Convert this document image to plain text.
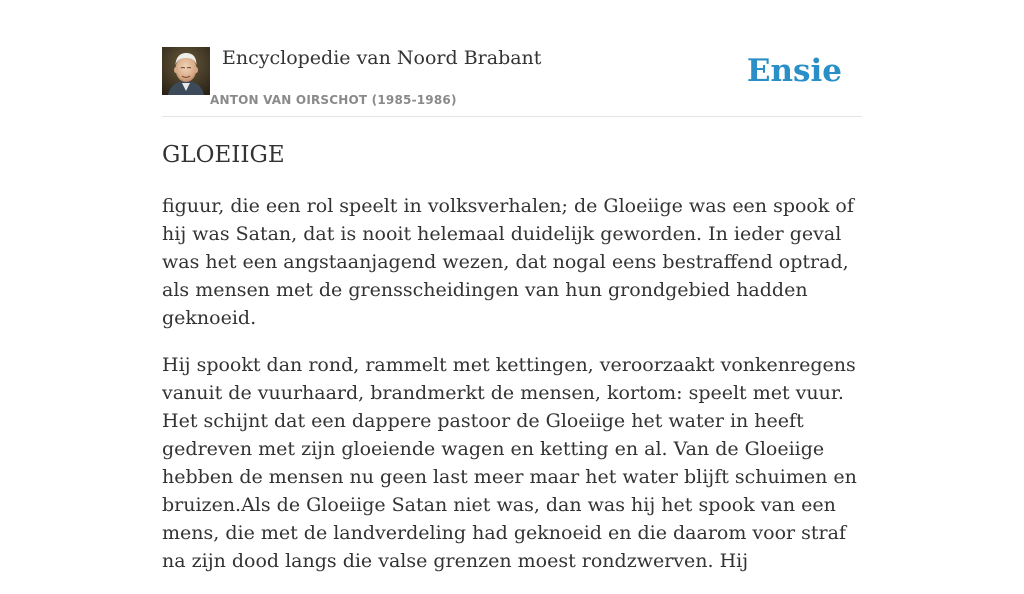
Encyclopedie van Noord Brabant
ANTON VAN OIRSCHOT (1985-1986)
Ensie
GLOEIIGE

figuur, die een rol speelt in volksverhalen; de Gloeiige was een spook of hij was Satan, dat is nooit helemaal duidelijk geworden. In ieder geval was het een angstaanjagend wezen, dat nogal eens bestraffend optrad, als mensen met de grensscheidingen van hun grondgebied hadden geknoeid.

Hij spookt dan rond, rammelt met kettingen, veroorzaakt vonkenregens vanuit de vuurhaard, brandmerkt de mensen, kortom: speelt met vuur. Het schijnt dat een dappere pastoor de Gloeiige het water in heeft gedreven met zijn gloeiende wagen en ketting en al. Van de Gloeiige hebben de mensen nu geen last meer maar het water blijft schuimen en bruizen.Als de Gloeiige Satan niet was, dan was hij het spook van een mens, die met de landverdeling had geknoeid en die daarom voor straf na zijn dood langs die valse grenzen moest rondzwerven. Hij
